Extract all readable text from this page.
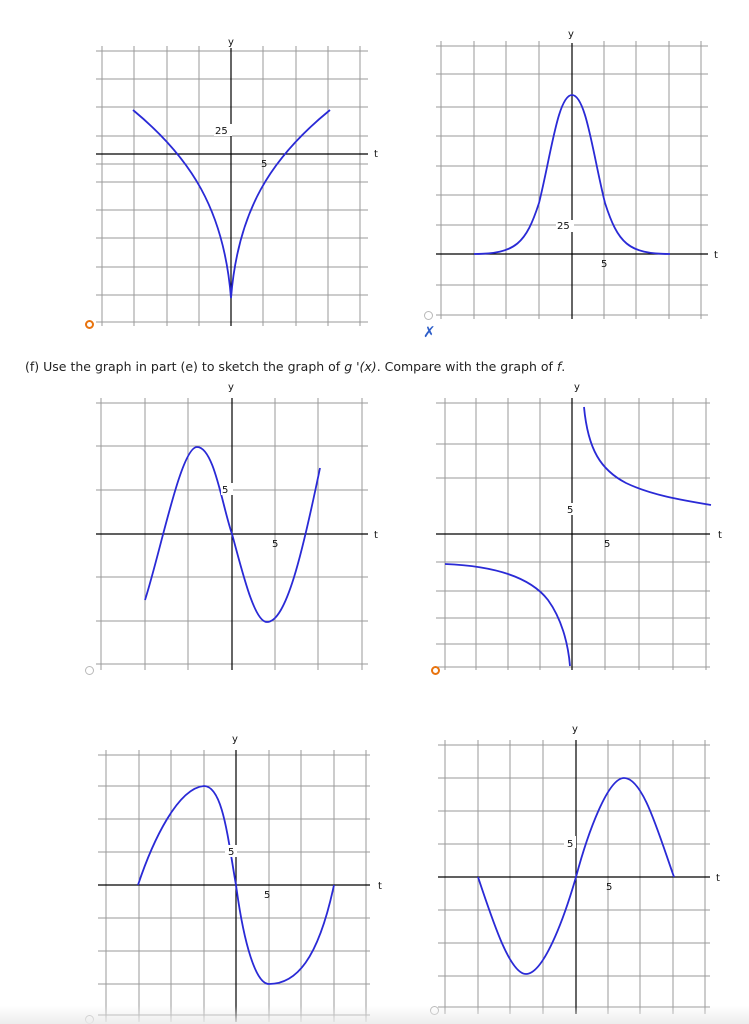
25
5
y
t
25
5
y
t
✗

(f) Use the graph in part (e) to sketch the graph of g '(x). Compare with the graph of f.

5
5
y
t
5
5
y
t
5
5
y
t
5
5
y
t
